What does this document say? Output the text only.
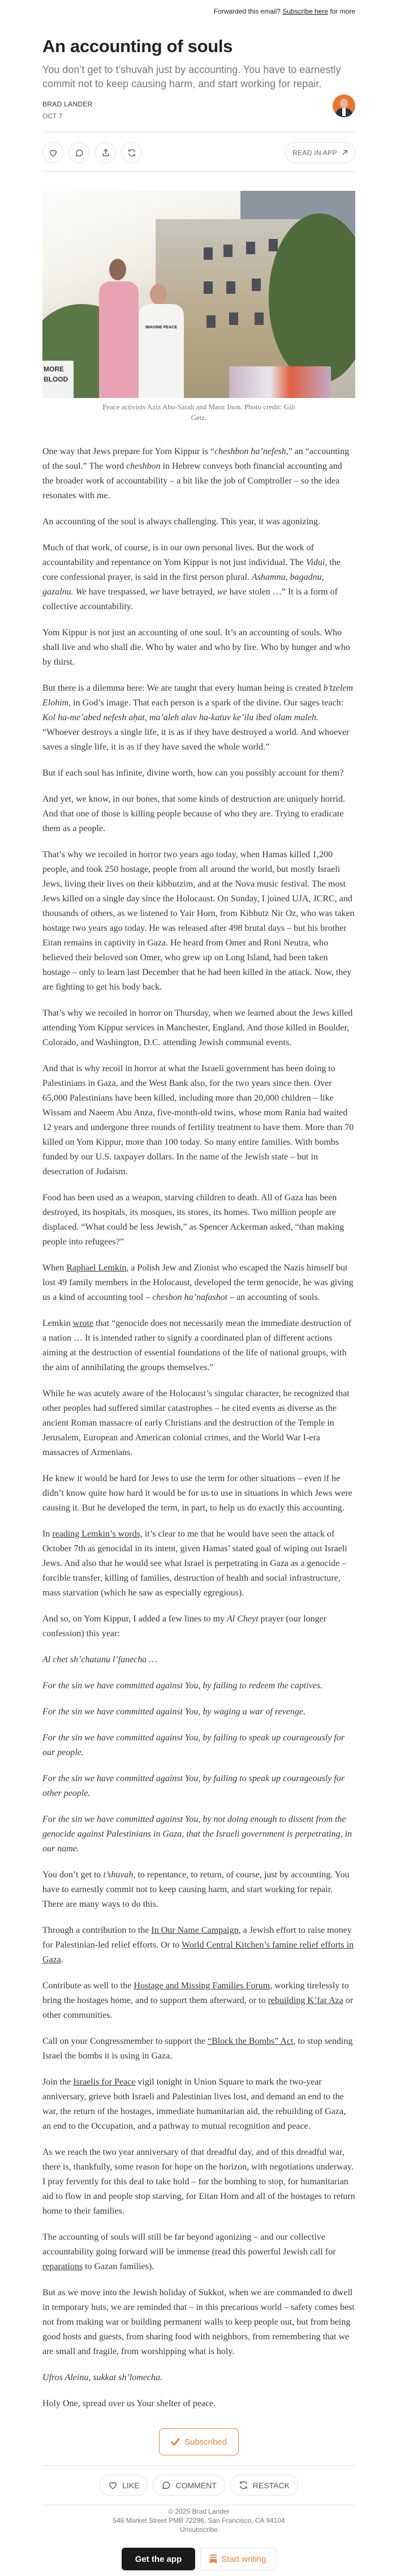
Forwarded this email? Subscribe here for more
An accounting of souls
You don’t get to t’shuvah just by accounting. You have to earnestly commit not to keep causing harm, and start working for repair.
BRAD LANDER
OCT 7
READ IN APP
IMAGINE PEACE
MORE BLOOD
Peace activists Aziz Abu-Sarah and Maoz Inon. Photo credit: Gili Getz.

One way that Jews prepare for Yom Kippur is “cheshbon ha’nefesh,” an “accounting of the soul.” The word cheshbon in Hebrew conveys both financial accounting and the broader work of accountability – a bit like the job of Comptroller – so the idea resonates with me.

An accounting of the soul is always challenging. This year, it was agonizing.

Much of that work, of course, is in our own personal lives. But the work of accountability and repentance on Yom Kippur is not just individual. The Vidui, the core confessional prayer, is said in the first person plural. Ashamnu, bagadnu, gazalnu. We have trespassed, we have betrayed, we have stolen …” It is a form of collective accountability.

Yom Kippur is not just an accounting of one soul. It’s an accounting of souls. Who shall live and who shall die. Who by water and who by fire. Who by hunger and who by thirst.

But there is a dilemma here: We are taught that every human being is created b’tzelem Elohim, in God’s image. That each person is a spark of the divine. Our sages teach: Kol ha-me’abed nefesh aḥat, ma’aleh alav ha-katuv ke’ilu ibed olam maleh. “Whoever destroys a single life, it is as if they have destroyed a world. And whoever saves a single life, it is as if they have saved the whole world.”

But if each soul has infinite, divine worth, how can you possibly account for them?

And yet, we know, in our bones, that some kinds of destruction are uniquely horrid. And that one of those is killing people because of who they are. Trying to eradicate them as a people.

That’s why we recoiled in horror two years ago today, when Hamas killed 1,200 people, and took 250 hostage, people from all around the world, but mostly Israeli Jews, living their lives on their kibbutzim, and at the Nova music festival. The most Jews killed on a single day since the Holocaust. On Sunday, I joined UJA, JCRC, and thousands of others, as we listened to Yair Horn, from Kibbutz Nir Oz, who was taken hostage two years ago today. He was released after 498 brutal days – but his brother Eitan remains in captivity in Gaza. He heard from Omer and Roni Neutra, who believed their beloved son Omer, who grew up on Long Island, had been taken hostage – only to learn last December that he had been killed in the attack. Now, they are fighting to get his body back.

That’s why we recoiled in horror on Thursday, when we learned about the Jews killed attending Yom Kippur services in Manchester, England. And those killed in Boulder, Colorado, and Washington, D.C. attending Jewish communal events.

And that is why recoil in horror at what the Israeli government has been doing to Palestinians in Gaza, and the West Bank also, for the two years since then. Over 65,000 Palestinians have been killed, including more than 20,000 children – like Wissam and Naeem Abu Anza, five-month-old twins, whose mom Rania had waited 12 years and undergone three rounds of fertility treatment to have them. More than 70 killed on Yom Kippur, more than 100 today. So many entire families. With bombs funded by our U.S. taxpayer dollars. In the name of the Jewish state – but in desecration of Judaism.

Food has been used as a weapon, starving children to death. All of Gaza has been destroyed, its hospitals, its mosques, its stores, its homes. Two million people are displaced. “What could be less Jewish,” as Spencer Ackerman asked, “than making people into refugees?”

When Raphael Lemkin, a Polish Jew and Zionist who escaped the Nazis himself but lost 49 family members in the Holocaust, developed the term genocide, he was giving us a kind of accounting tool – chesbon ha’nafashot – an accounting of souls.

Lemkin wrote that “genocide does not necessarily mean the immediate destruction of a nation … It is intended rather to signify a coordinated plan of different actions aiming at the destruction of essential foundations of the life of national groups, with the aim of annihilating the groups themselves.”

While he was acutely aware of the Holocaust’s singular character, he recognized that other peoples had suffered similar catastrophes – he cited events as diverse as the ancient Roman massacre of early Christians and the destruction of the Temple in Jerusalem, European and American colonial crimes, and the World War I-era massacres of Armenians.

He knew it would be hard for Jews to use the term for other situations – even if he didn’t know quite how hard it would be for us to use in situations in which Jews were causing it. But he developed the term, in part, to help us do exactly this accounting.

In reading Lemkin’s words, it’s clear to me that he would have seen the attack of October 7th as genocidal in its intent, given Hamas’ stated goal of wiping out Israeli Jews. And also that he would see what Israel is perpetrating in Gaza as a genocide – forcible transfer, killing of families, destruction of health and social infrastructure, mass starvation (which he saw as especially egregious).

And so, on Yom Kippur, I added a few lines to my Al Cheyt prayer (our longer confession) this year:

Al chet sh’chatanu l’fanecha …

For the sin we have committed against You, by failing to redeem the captives.

For the sin we have committed against You, by waging a war of revenge.

For the sin we have committed against You, by failing to speak up courageously for our people.

For the sin we have committed against You, by failing to speak up courageously for other people.

For the sin we have committed against You, by not doing enough to dissent from the genocide against Palestinians in Gaza, that the Israeli government is perpetrating, in our name.

You don’t get to t’shuvah, to repentance, to return, of course, just by accounting. You have to earnestly commit not to keep causing harm, and start working for repair. There are many ways to do this.

Through a contribution to the In Our Name Campaign, a Jewish effort to raise money for Palestinian-led relief efforts. Or to World Central Kitchen’s famine relief efforts in Gaza.

Contribute as well to the Hostage and Missing Families Forum, working tirelessly to bring the hostages home, and to support them afterward, or to rebuilding K’far Aza or other communities.

Call on your Congressmember to support the “Block the Bombs” Act, to stop sending Israel the bombs it is using in Gaza.

Join the Israelis for Peace vigil tonight in Union Square to mark the two-year anniversary, grieve both Israeli and Palestinian lives lost, and demand an end to the war, the return of the hostages, immediate humanitarian aid, the rebuilding of Gaza, an end to the Occupation, and a pathway to mutual recognition and peace.

As we reach the two year anniversary of that dreadful day, and of this dreadful war, there is, thankfully, some reason for hope on the horizon, with negotiations underway. I pray fervently for this deal to take hold – for the bombing to stop, for humanitarian aid to flow in and people stop starving, for Eitan Horn and all of the hostages to return home to their families.

The accounting of souls will still be far beyond agonizing – and our collective accountability going forward will be immense (read this powerful Jewish call for reparations to Gazan families).

But as we move into the Jewish holiday of Sukkot, when we are commanded to dwell in temporary huts, we are reminded that – in this precarious world – safety comes best not from making war or building permanent walls to keep people out, but from being good hosts and guests, from sharing food with neighbors, from remembering that we are small and fragile, from worshipping what is holy.

Ufros Aleinu, sukkat sh’lomecha.

Holy One, spread over us Your shelter of peace.

Subscribed
LIKE	COMMENT	RESTACK
© 2025 Brad Lander
548 Market Street PMB 72296, San Francisco, CA 94104
Unsubscribe
Get the app	Start writing
